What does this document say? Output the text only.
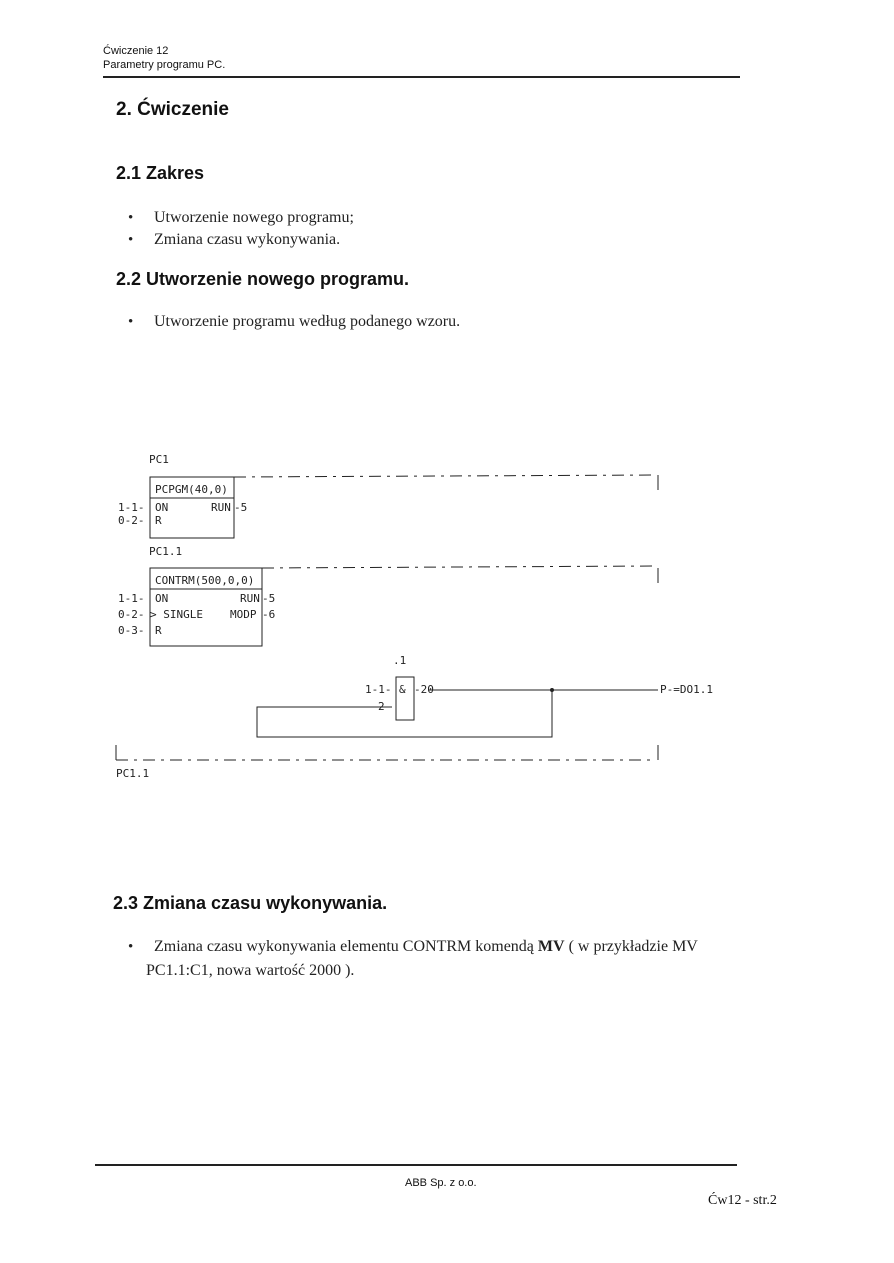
Ćwiczenie 12
Parametry programu PC.
2. Ćwiczenie
2.1 Zakres
• Utworzenie nowego programu;
• Zmiana czasu wykonywania.
2.2 Utworzenie nowego programu.
• Utworzenie programu według podanego wzoru.
PC1
PCPGM(40,0)
ON	RUN
R
1-1-
0-2-
-5
PC1.1
CONTRM(500,0,0)
ON	RUN
> SINGLE MODP
R
1-1-
0-2-
0-3-
-5
-6
.1
&
1-1-
2-
-20	P-=DO1.1
PC1.1
2.3 Zmiana czasu wykonywania.
• Zmiana czasu wykonywania elementu CONTRM komendą MV ( w przykładzie MV
PC1.1:C1, nowa wartość 2000 ).
ABB Sp. z o.o.
Ćw12 - str.2
